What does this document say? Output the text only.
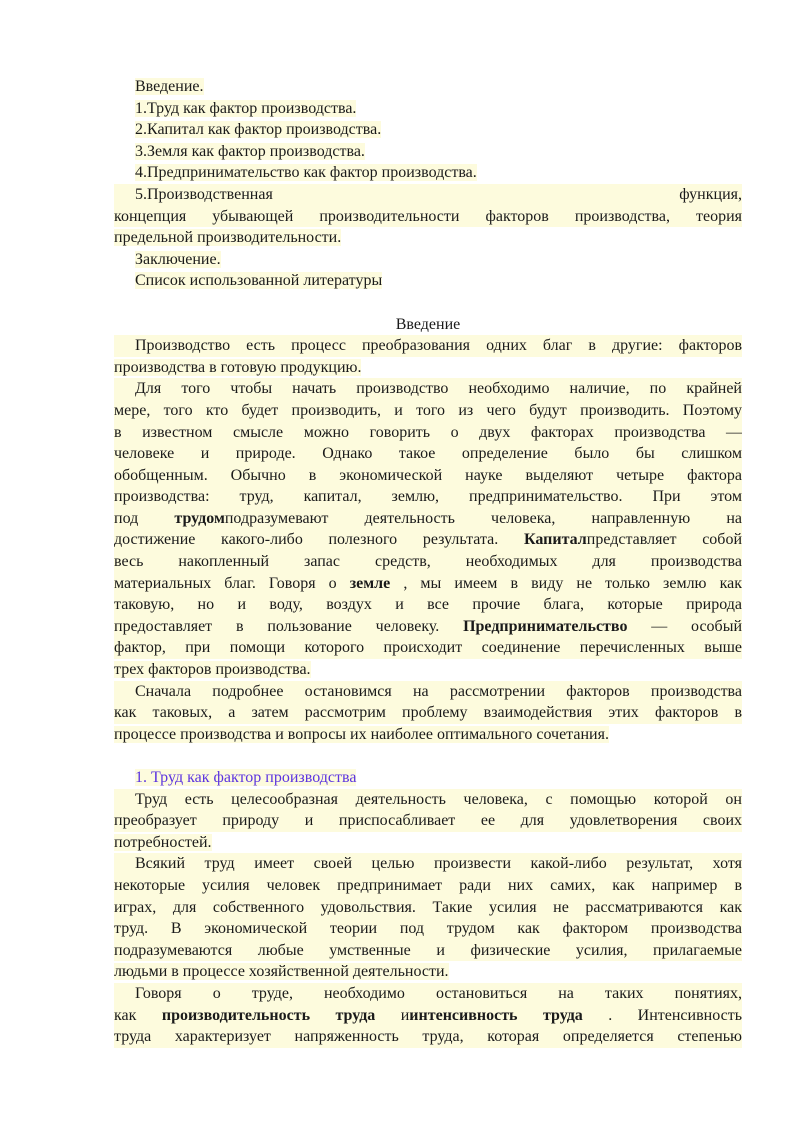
Введение.
1.Труд как фактор производства.
2.Капитал как фактор производства.
3.Земля как фактор производства.
4.Предпринимательство как фактор производства.
5.Производственная	функция,
концепция убывающей производительности факторов производства, теория
предельной производительности.
Заключение.
Список использованной литературы
Введение
Производство есть процесс преобразования одних благ в другие: факторов
производства в готовую продукцию.
Для того чтобы начать производство необходимо наличие, по крайней
мере, того кто будет производить, и того из чего будут производить. Поэтому
в известном смысле можно говорить о двух факторах производства —
человеке и природе. Однако такое определение было бы слишком
обобщенным. Обычно в экономической науке выделяют четыре фактора
производства: труд, капитал, землю, предпринимательство. При этом
под трудомподразумевают деятельность человека, направленную на
достижение какого-либо полезного результата. Капиталпредставляет собой
весь накопленный запас средств, необходимых для производства
материальных благ. Говоря о земле , мы имеем в виду не только землю как
таковую, но и воду, воздух и все прочие блага, которые природа
предоставляет в пользование человеку. Предпринимательство — особый
фактор, при помощи которого происходит соединение перечисленных выше
трех факторов производства.
Сначала подробнее остановимся на рассмотрении факторов производства
как таковых, а затем рассмотрим проблему взаимодействия этих факторов в
процессе производства и вопросы их наиболее оптимального сочетания.
1. Труд как фактор производства
Труд есть целесообразная деятельность человека, с помощью которой он
преобразует природу и приспосабливает ее для удовлетворения своих
потребностей.
Всякий труд имеет своей целью произвести какой-либо результат, хотя
некоторые усилия человек предпринимает ради них самих, как например в
играх, для собственного удовольствия. Такие усилия не рассматриваются как
труд. В экономической теории под трудом как фактором производства
подразумеваются любые умственные и физические усилия, прилагаемые
людьми в процессе хозяйственной деятельности.
Говоря о труде, необходимо остановиться на таких понятиях,
как производительность труда иинтенсивность труда . Интенсивность
труда характеризует напряженность труда, которая определяется степенью
